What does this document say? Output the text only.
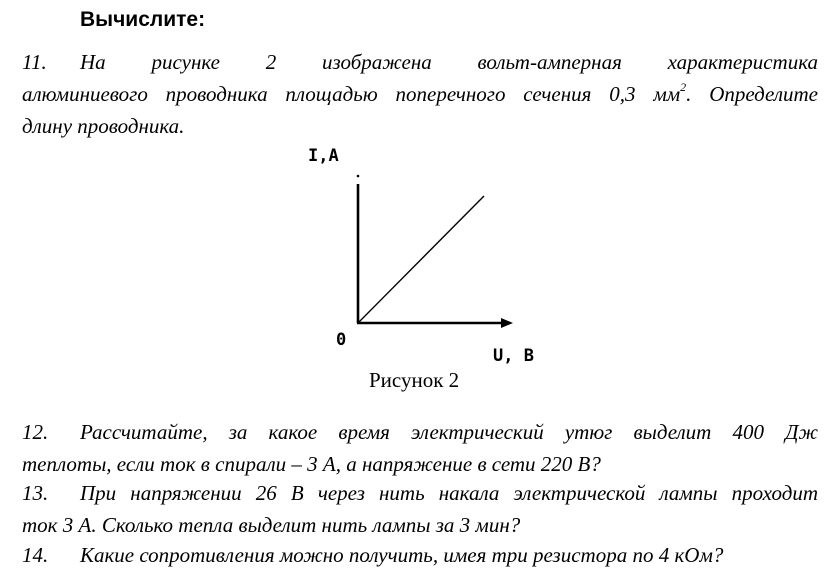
Вычислите:
11. На рисунке 2 изображена вольт-амперная характеристика
алюминиевого проводника площадью поперечного сечения 0,3 $мм^2$. Определите
длину проводника.
I,A
0
U, B
Рисунок 2
12. Рассчитайте, за какое время электрический утюг выделит 400 Дж
теплоты, если ток в спирали – 3 А, а напряжение в сети 220 В?
13. При напряжении 26 В через нить накала электрической лампы проходит
ток 3 А. Сколько тепла выделит нить лампы за 3 мин?
14. Какие сопротивления можно получить, имея три резистора по 4 кОм?
